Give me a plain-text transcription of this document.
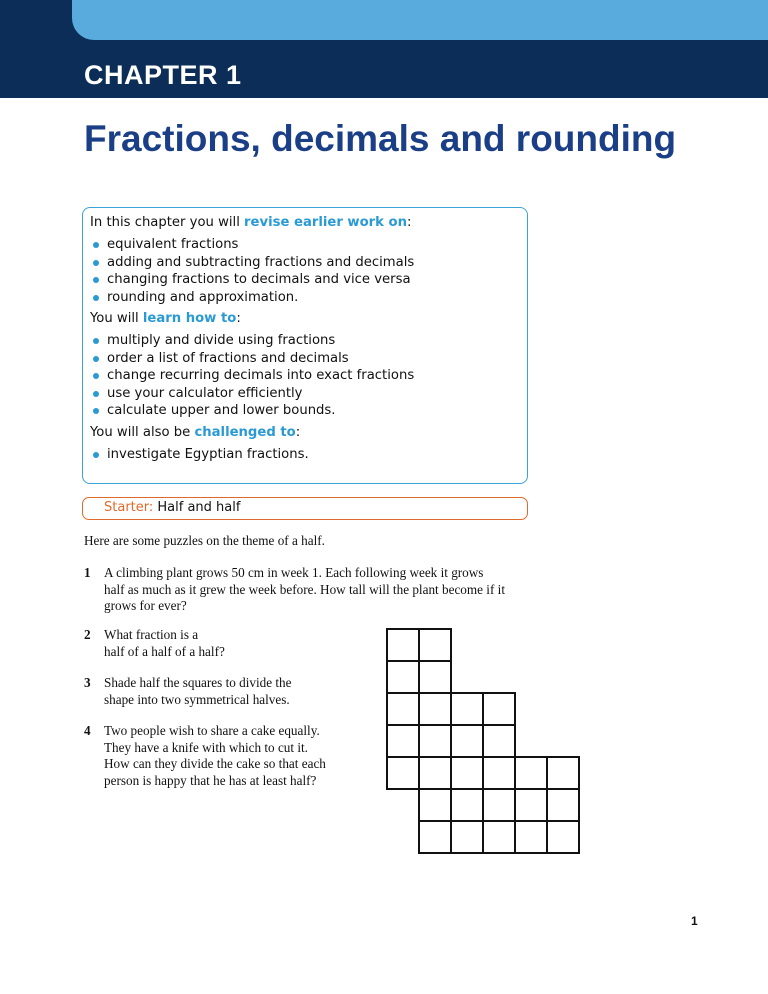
CHAPTER 1
Fractions, decimals and rounding
In this chapter you will revise earlier work on:
equivalent fractions
adding and subtracting fractions and decimals
changing fractions to decimals and vice versa
rounding and approximation.
You will learn how to:
multiply and divide using fractions
order a list of fractions and decimals
change recurring decimals into exact fractions
use your calculator efficiently
calculate upper and lower bounds.
You will also be challenged to:
investigate Egyptian fractions.
Starter: Half and half
Here are some puzzles on the theme of a half.
1 A climbing plant grows 50 cm in week 1. Each following week it grows
half as much as it grew the week before. How tall will the plant become if it
grows for ever?
2 What fraction is a
half of a half of a half?
3 Shade half the squares to divide the
shape into two symmetrical halves.
4 Two people wish to share a cake equally.
They have a knife with which to cut it.
How can they divide the cake so that each
person is happy that he has at least half?
1
